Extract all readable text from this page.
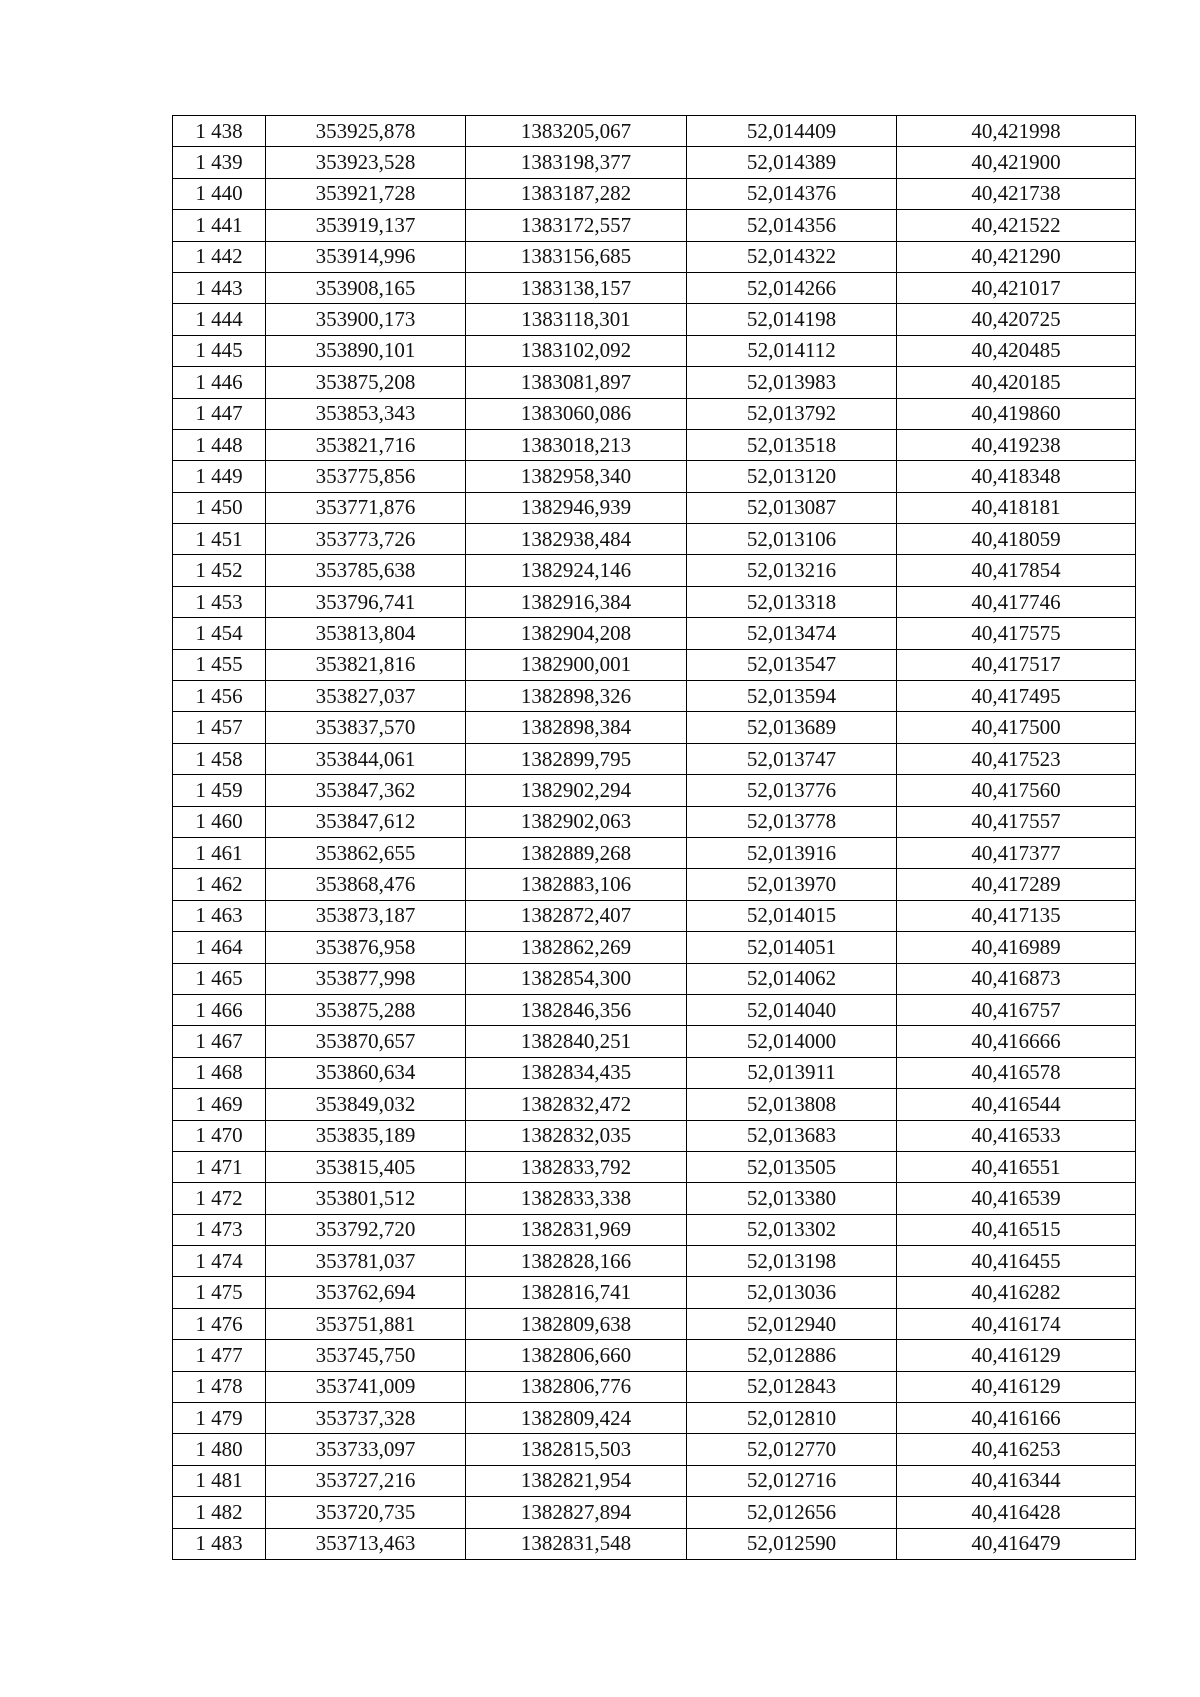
1 438	353925,878	1383205,067	52,014409	40,421998
1 439	353923,528	1383198,377	52,014389	40,421900
1 440	353921,728	1383187,282	52,014376	40,421738
1 441	353919,137	1383172,557	52,014356	40,421522
1 442	353914,996	1383156,685	52,014322	40,421290
1 443	353908,165	1383138,157	52,014266	40,421017
1 444	353900,173	1383118,301	52,014198	40,420725
1 445	353890,101	1383102,092	52,014112	40,420485
1 446	353875,208	1383081,897	52,013983	40,420185
1 447	353853,343	1383060,086	52,013792	40,419860
1 448	353821,716	1383018,213	52,013518	40,419238
1 449	353775,856	1382958,340	52,013120	40,418348
1 450	353771,876	1382946,939	52,013087	40,418181
1 451	353773,726	1382938,484	52,013106	40,418059
1 452	353785,638	1382924,146	52,013216	40,417854
1 453	353796,741	1382916,384	52,013318	40,417746
1 454	353813,804	1382904,208	52,013474	40,417575
1 455	353821,816	1382900,001	52,013547	40,417517
1 456	353827,037	1382898,326	52,013594	40,417495
1 457	353837,570	1382898,384	52,013689	40,417500
1 458	353844,061	1382899,795	52,013747	40,417523
1 459	353847,362	1382902,294	52,013776	40,417560
1 460	353847,612	1382902,063	52,013778	40,417557
1 461	353862,655	1382889,268	52,013916	40,417377
1 462	353868,476	1382883,106	52,013970	40,417289
1 463	353873,187	1382872,407	52,014015	40,417135
1 464	353876,958	1382862,269	52,014051	40,416989
1 465	353877,998	1382854,300	52,014062	40,416873
1 466	353875,288	1382846,356	52,014040	40,416757
1 467	353870,657	1382840,251	52,014000	40,416666
1 468	353860,634	1382834,435	52,013911	40,416578
1 469	353849,032	1382832,472	52,013808	40,416544
1 470	353835,189	1382832,035	52,013683	40,416533
1 471	353815,405	1382833,792	52,013505	40,416551
1 472	353801,512	1382833,338	52,013380	40,416539
1 473	353792,720	1382831,969	52,013302	40,416515
1 474	353781,037	1382828,166	52,013198	40,416455
1 475	353762,694	1382816,741	52,013036	40,416282
1 476	353751,881	1382809,638	52,012940	40,416174
1 477	353745,750	1382806,660	52,012886	40,416129
1 478	353741,009	1382806,776	52,012843	40,416129
1 479	353737,328	1382809,424	52,012810	40,416166
1 480	353733,097	1382815,503	52,012770	40,416253
1 481	353727,216	1382821,954	52,012716	40,416344
1 482	353720,735	1382827,894	52,012656	40,416428
1 483	353713,463	1382831,548	52,012590	40,416479
